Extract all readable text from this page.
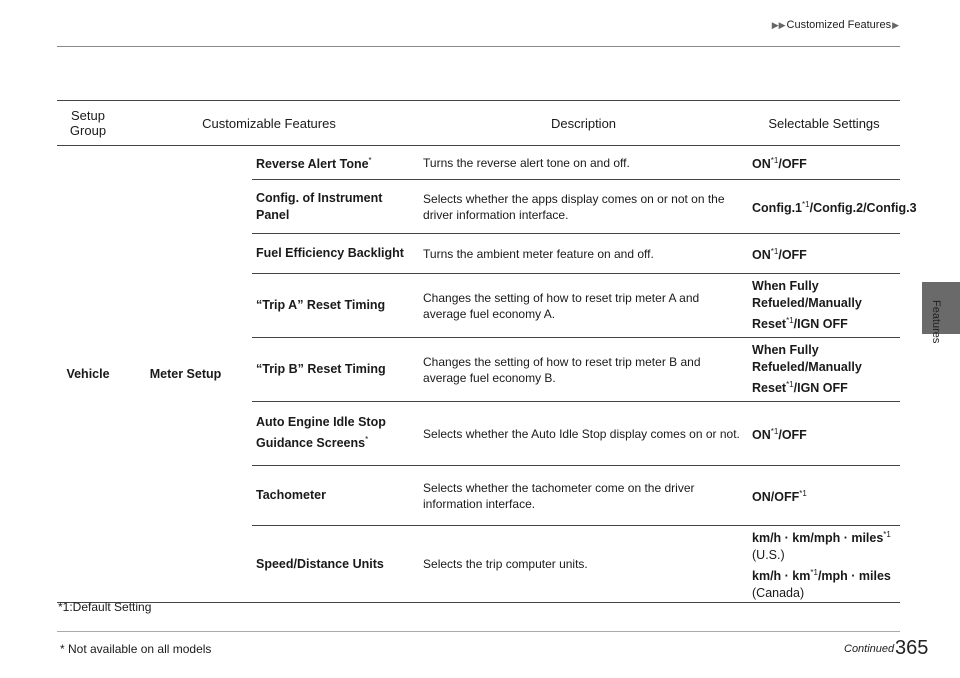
▶▶Customized Features▶
Features
Setup
Group	Customizable Features		Description	Selectable Settings
Vehicle	Meter Setup	Reverse Alert Tone*	Turns the reverse alert tone on and off.	ON$^{*1}$/OFF
		Config. of Instrument Panel	Selects whether the apps display comes on or not on the driver information interface.	Config.1$^{*1}$/Config.2/Config.3
		Fuel Efficiency Backlight	Turns the ambient meter feature on and off.	ON$^{*1}$/OFF
		“Trip A” Reset Timing	Changes the setting of how to reset trip meter A and average fuel economy A.	When Fully Refueled/Manually Reset$^{*1}$/IGN OFF
		“Trip B” Reset Timing	Changes the setting of how to reset trip meter B and average fuel economy B.	When Fully Refueled/Manually Reset$^{*1}$/IGN OFF
		Auto Engine Idle Stop Guidance Screens*	Selects whether the Auto Idle Stop display comes on or not.	ON$^{*1}$/OFF
		Tachometer	Selects whether the tachometer come on the driver information interface.	ON/OFF$^{*1}$
		Speed/Distance Units	Selects the trip computer units.	km/h · km/mph · miles$^{*1}$ (U.S.)
$km/h \cdot km^{*1}$/mph · miles (Canada)
*1:Default Setting
* Not available on all models	Continued 365
